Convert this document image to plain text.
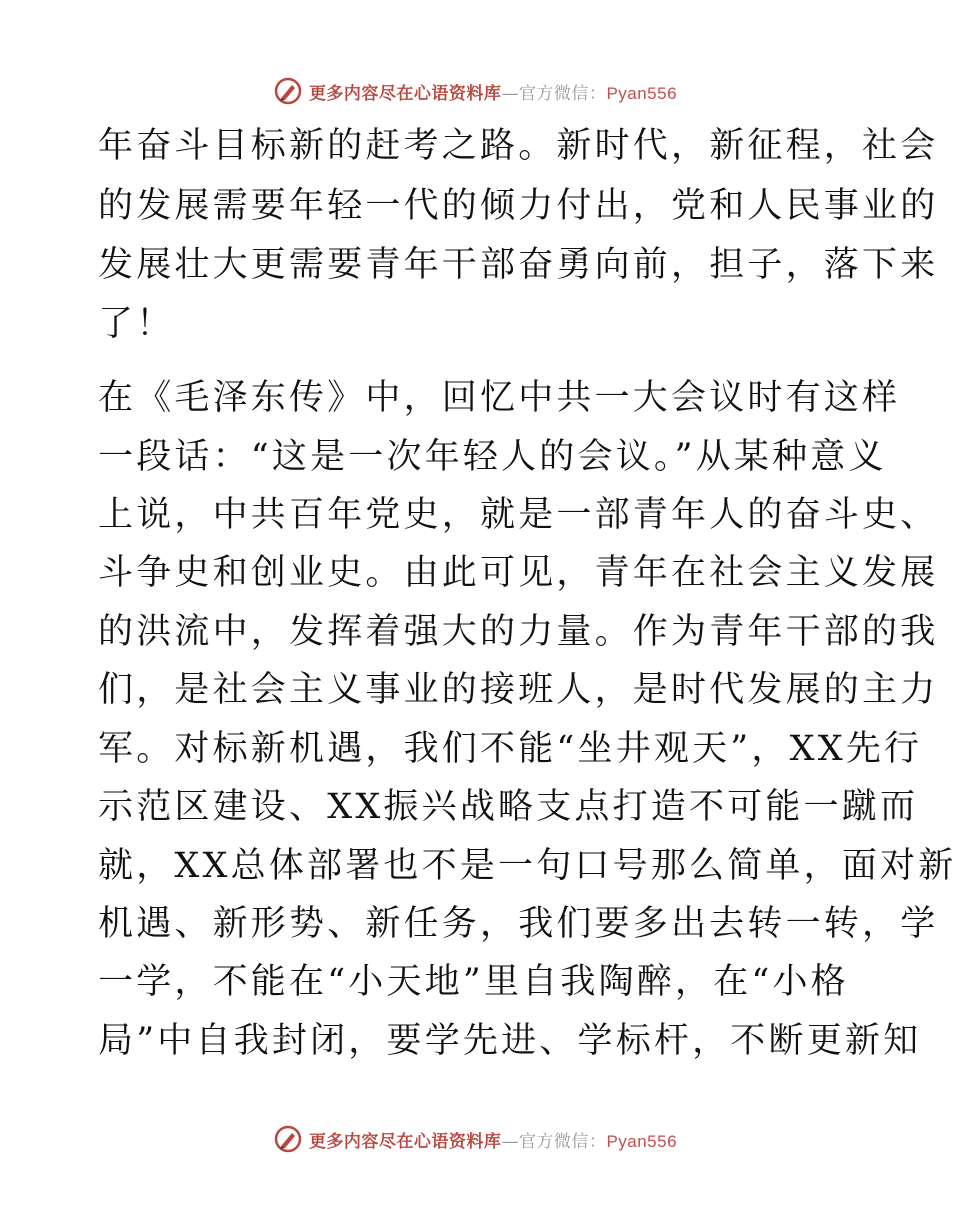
更多内容尽在心语资料库—官方微信：Pyan556
年奋斗目标新的赶考之路。新时代，新征程，社会
的发展需要年轻一代的倾力付出，党和人民事业的
发展壮大更需要青年干部奋勇向前，担子，落下来
了！
在《毛泽东传》中，回忆中共一大会议时有这样
一段话：“这是一次年轻人的会议。”从某种意义
上说，中共百年党史，就是一部青年人的奋斗史、
斗争史和创业史。由此可见，青年在社会主义发展
的洪流中，发挥着强大的力量。作为青年干部的我
们，是社会主义事业的接班人，是时代发展的主力
军。对标新机遇，我们不能“坐井观天”，XX先行
示范区建设、XX振兴战略支点打造不可能一蹴而
就，XX总体部署也不是一句口号那么简单，面对新
机遇、新形势、新任务，我们要多出去转一转，学
一学，不能在“小天地”里自我陶醉，在“小格
局”中自我封闭，要学先进、学标杆，不断更新知
更多内容尽在心语资料库—官方微信：Pyan556
